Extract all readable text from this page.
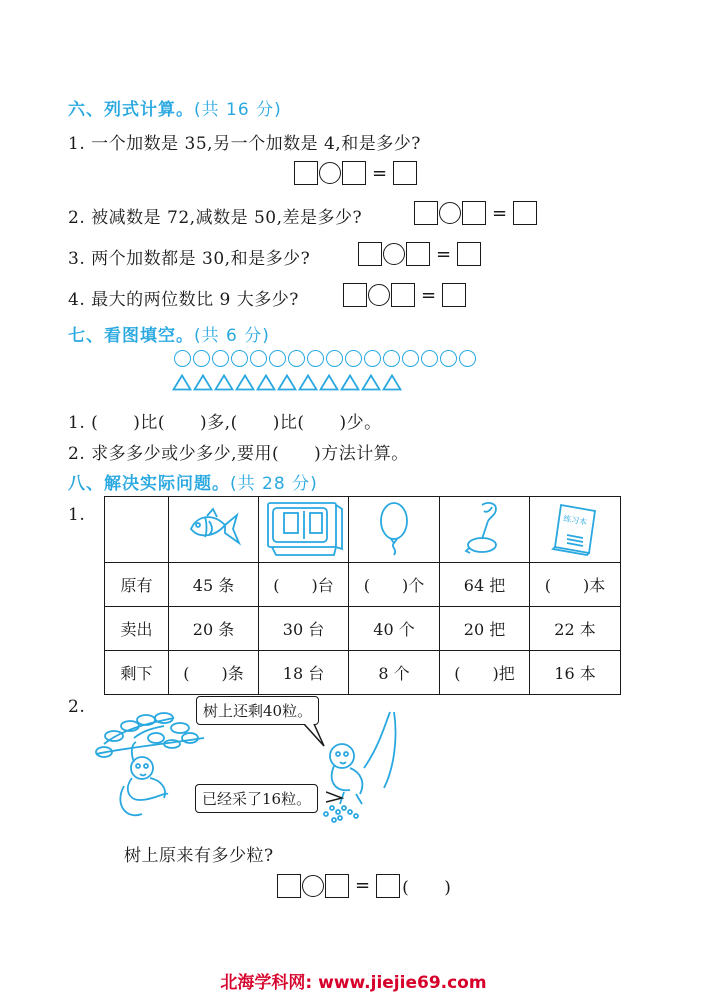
六、列式计算。(共 16 分)
1. 一个加数是 35,另一个加数是 4,和是多少?
=
2. 被减数是 72,减数是 50,差是多少?	=
3. 两个加数都是 30,和是多少?	=
4. 最大的两位数比 9 大多少?	=
七、看图填空。(共 6 分)
1. (　　)比(　　)多,(　　)比(　　)少。
2. 求多多少或少多少,要用(　　)方法计算。
八、解决实际问题。(共 28 分)
1.
						练习本

原有	45 条	(　　)台	(　　)个	64 把	(　　)本
卖出	20 条	30 台	40 个	20 把	22 本
剩下	(　　)条	18 台	8 个	(　　)把	16 本
2.	树上还剩40粒。
已经采了16粒。
树上原来有多少粒?
= (　　)
北海学科网: www.jiejie69.com
